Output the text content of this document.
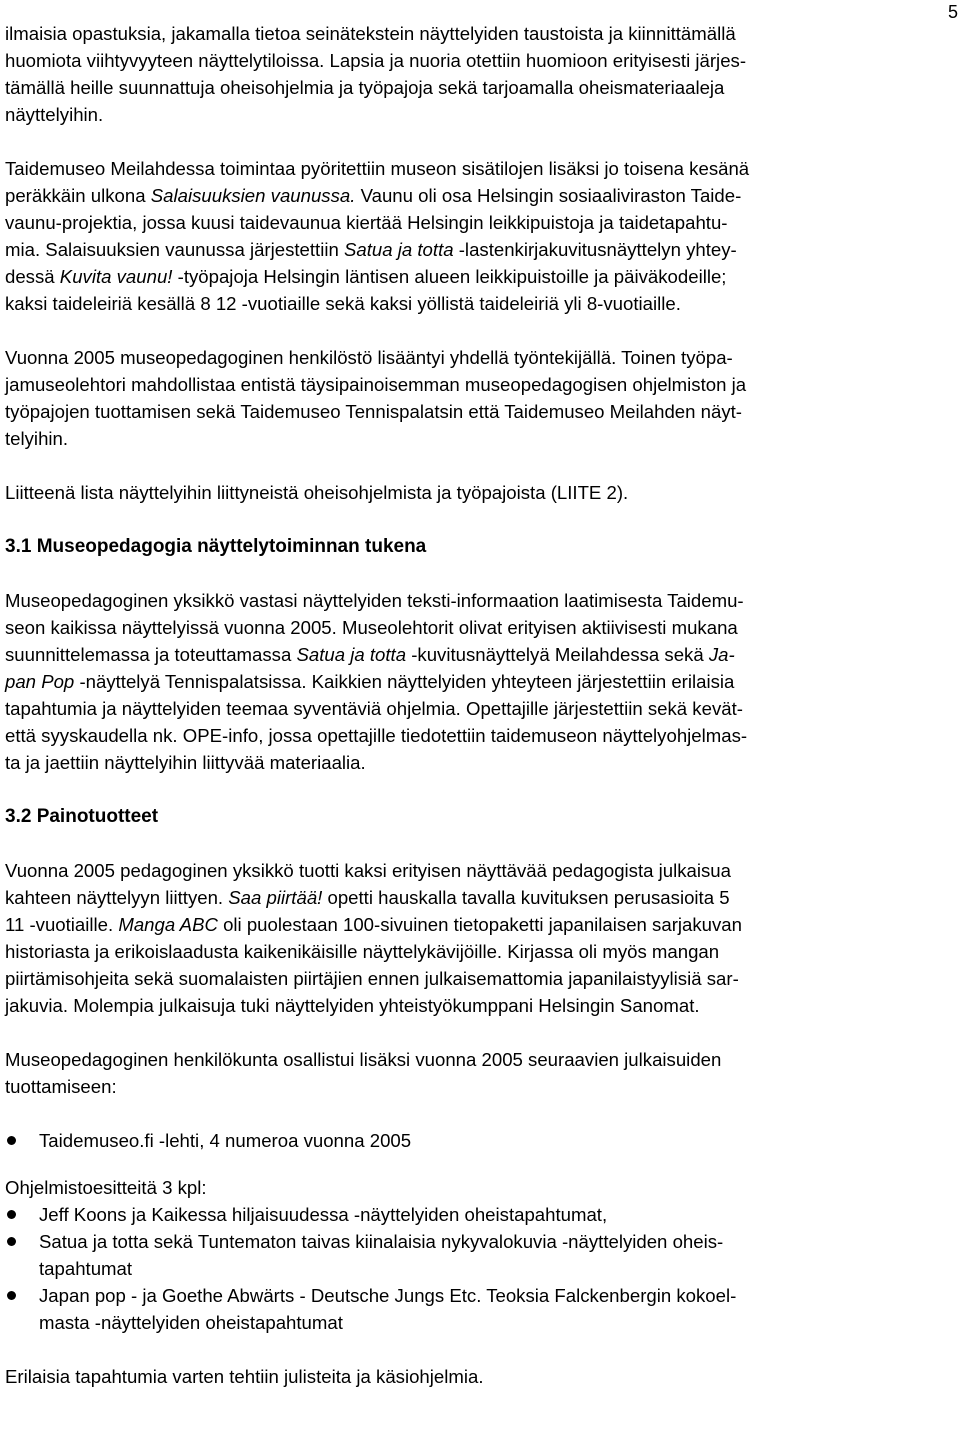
5

ilmaisia opastuksia, jakamalla tietoa seinätekstein näyttelyiden taustoista ja kiinnittämällä
huomiota viihtyvyyteen näyttelytiloissa. Lapsia ja nuoria otettiin huomioon erityisesti järjes-
tämällä heille suunnattuja oheisohjelmia ja työpajoja sekä tarjoamalla oheismateriaaleja
näyttelyihin.

Taidemuseo Meilahdessa toimintaa pyöritettiin museon sisätilojen lisäksi jo toisena kesänä
peräkkäin ulkona Salaisuuksien vaunussa. Vaunu oli osa Helsingin sosiaaliviraston Taide-
vaunu-projektia, jossa kuusi taidevaunua kiertää Helsingin leikkipuistoja ja taidetapahtu-
mia. Salaisuuksien vaunussa järjestettiin Satua ja totta -lastenkirjakuvitusnäyttelyn yhtey-
dessä Kuvita vaunu! -työpajoja Helsingin läntisen alueen leikkipuistoille ja päiväkodeille;
kaksi taideleiriä kesällä 8 12 -vuotiaille sekä kaksi yöllistä taideleiriä yli 8-vuotiaille.

Vuonna 2005 museopedagoginen henkilöstö lisääntyi yhdellä työntekijällä. Toinen työpa-
jamuseolehtori mahdollistaa entistä täysipainoisemman museopedagogisen ohjelmiston ja
työpajojen tuottamisen sekä Taidemuseo Tennispalatsin että Taidemuseo Meilahden näyt-
telyihin.

Liitteenä lista näyttelyihin liittyneistä oheisohjelmista ja työpajoista (LIITE 2).

3.1 Museopedagogia näyttelytoiminnan tukena

Museopedagoginen yksikkö vastasi näyttelyiden teksti-informaation laatimisesta Taidemu-
seon kaikissa näyttelyissä vuonna 2005. Museolehtorit olivat erityisen aktiivisesti mukana
suunnittelemassa ja toteuttamassa Satua ja totta -kuvitusnäyttelyä Meilahdessa sekä Ja-
pan Pop -näyttelyä Tennispalatsissa. Kaikkien näyttelyiden yhteyteen järjestettiin erilaisia
tapahtumia ja näyttelyiden teemaa syventäviä ohjelmia. Opettajille järjestettiin sekä kevät-
että syyskaudella nk. OPE-info, jossa opettajille tiedotettiin taidemuseon näyttelyohjelmas-
ta ja jaettiin näyttelyihin liittyvää materiaalia.

3.2 Painotuotteet

Vuonna 2005 pedagoginen yksikkö tuotti kaksi erityisen näyttävää pedagogista julkaisua
kahteen näyttelyyn liittyen. Saa piirtää! opetti hauskalla tavalla kuvituksen perusasioita 5
11 -vuotiaille. Manga ABC oli puolestaan 100-sivuinen tietopaketti japanilaisen sarjakuvan
historiasta ja erikoislaadusta kaikenikäisille näyttelykävijöille. Kirjassa oli myös mangan
piirtämisohjeita sekä suomalaisten piirtäjien ennen julkaisemattomia japanilaistyylisiä sar-
jakuvia. Molempia julkaisuja tuki näyttelyiden yhteistyökumppani Helsingin Sanomat.

Museopedagoginen henkilökunta osallistui lisäksi vuonna 2005 seuraavien julkaisuiden
tuottamiseen:

Taidemuseo.fi -lehti, 4 numeroa vuonna 2005

Ohjelmistoesitteitä 3 kpl:

Jeff Koons ja Kaikessa hiljaisuudessa -näyttelyiden oheistapahtumat,
Satua ja totta sekä Tuntematon taivas kiinalaisia nykyvalokuvia -näyttelyiden oheis-
tapahtumat
Japan pop - ja Goethe Abwärts - Deutsche Jungs Etc. Teoksia Falckenbergin kokoel-
masta -näyttelyiden oheistapahtumat

Erilaisia tapahtumia varten tehtiin julisteita ja käsiohjelmia.
